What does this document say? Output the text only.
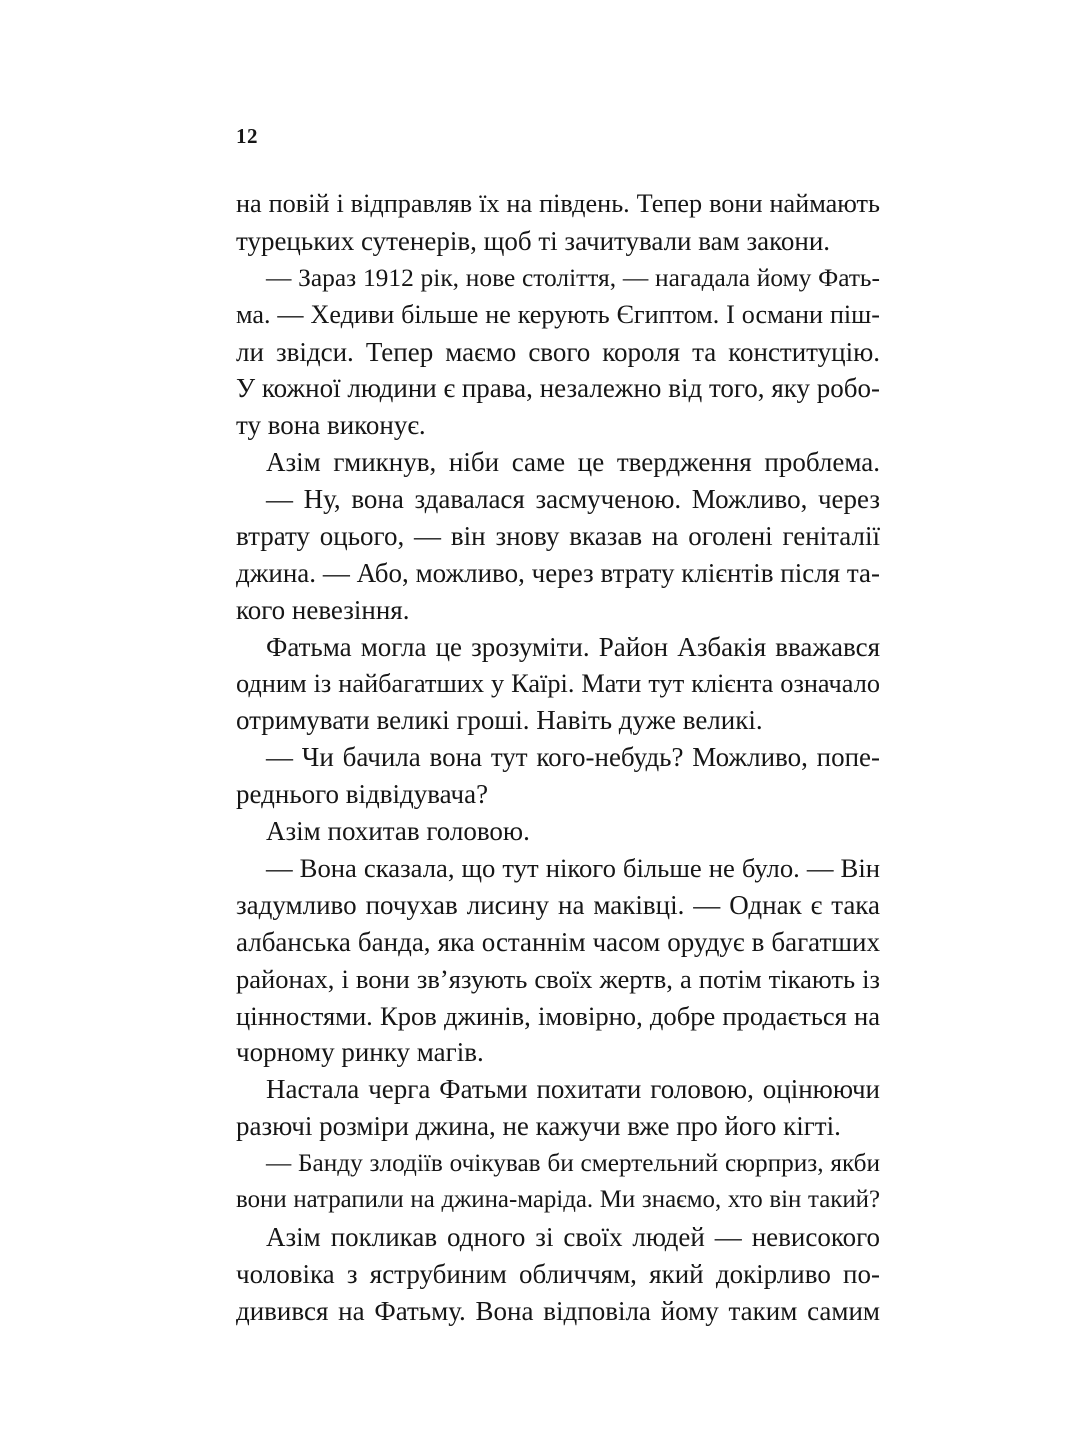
12
на повій і відправляв їх на південь. Тепер вони наймають
турецьких сутенерів, щоб ті зачитували вам закони.
— Зараз 1912 рік, нове століття, — нагадала йому Фать-
ма. — Хедиви більше не керують Єгиптом. І османи піш-
ли звідси. Тепер маємо свого короля та конституцію.
У кожної людини є права, незалежно від того, яку робо-
ту вона виконує.
Азім гмикнув, ніби саме це твердження проблема.
— Ну, вона здавалася засмученою. Можливо, через
втрату оцього, — він знову вказав на оголені геніталії
джина. — Або, можливо, через втрату клієнтів після та-
кого невезіння.
Фатьма могла це зрозуміти. Район Азбакія вважався
одним із найбагатших у Каїрі. Мати тут клієнта означало
отримувати великі гроші. Навіть дуже великі.
— Чи бачила вона тут кого-небудь? Можливо, попе-
реднього відвідувача?
Азім похитав головою.
— Вона сказала, що тут нікого більше не було. — Він
задумливо почухав лисину на маківці. — Однак є така
албанська банда, яка останнім часом орудує в багатших
районах, і вони зв’язують своїх жертв, а потім тікають із
цінностями. Кров джинів, імовірно, добре продається на
чорному ринку магів.
Настала черга Фатьми похитати головою, оцінюючи
разючі розміри джина, не кажучи вже про його кігті.
— Банду злодіїв очікував би смертельний сюрприз, якби
вони натрапили на джина-маріда. Ми знаємо, хто він такий?
Азім покликав одного зі своїх людей — невисокого
чоловіка з яструбиним обличчям, який докірливо по-
дивився на Фатьму. Вона відповіла йому таким самим
